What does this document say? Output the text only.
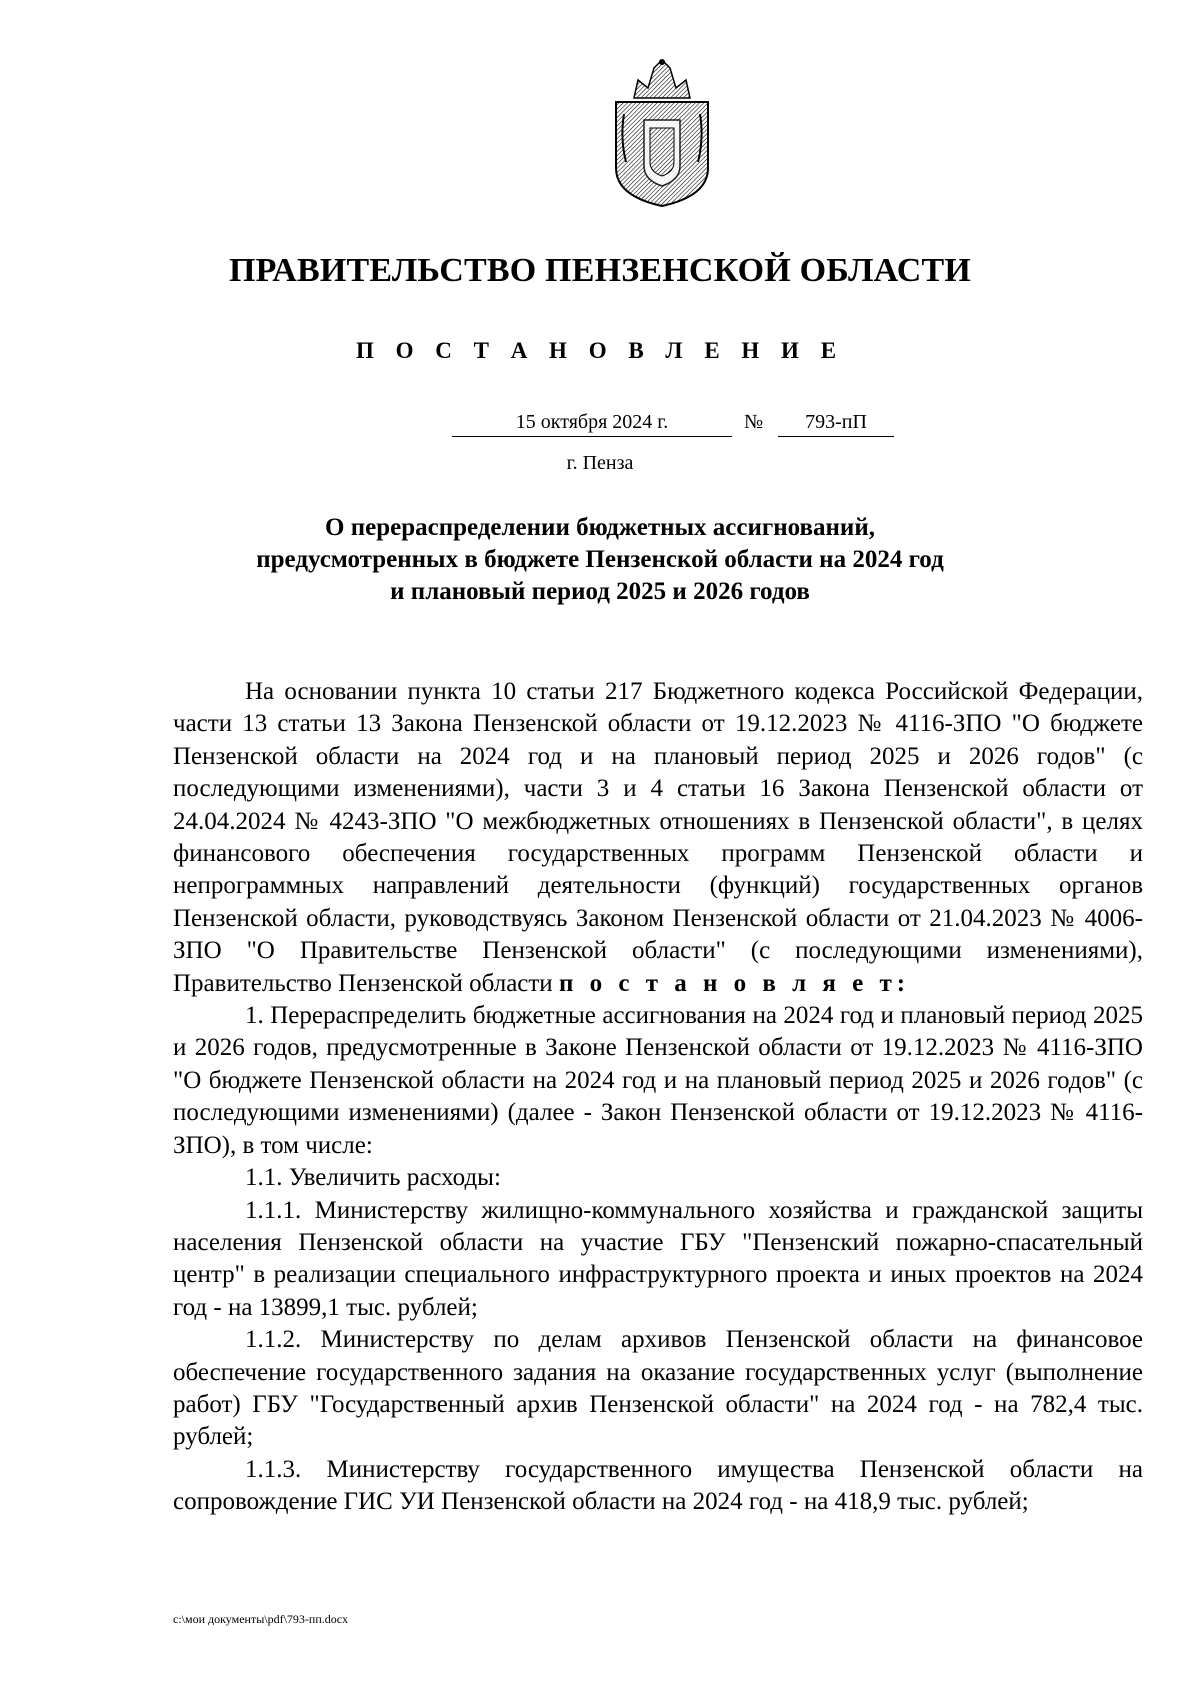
ПРАВИТЕЛЬСТВО ПЕНЗЕНСКОЙ ОБЛАСТИ
П О С Т А Н О В Л Е Н И Е
15 октября 2024 г.	№	793-пП
г. Пенза
О перераспределении бюджетных ассигнований,
предусмотренных в бюджете Пензенской области на 2024 год
и плановый период 2025 и 2026 годов

На основании пункта 10 статьи 217 Бюджетного кодекса Российской Федерации, части 13 статьи 13 Закона Пензенской области от 19.12.2023 № 4116-ЗПО "О бюджете Пензенской области на 2024 год и на плановый период 2025 и 2026 годов" (с последующими изменениями), части 3 и 4 статьи 16 Закона Пензенской области от 24.04.2024 № 4243-ЗПО "О межбюджетных отношениях в Пензенской области", в целях финансового обеспечения государственных программ Пензенской области и непрограммных направлений деятельности (функций) государственных органов Пензенской области, руководствуясь Законом Пензенской области от 21.04.2023 № 4006-ЗПО "О Правительстве Пензенской области" (с последующими изменениями), Правительство Пензенской области п о с т а н о в л я е т:

1. Перераспределить бюджетные ассигнования на 2024 год и плановый период 2025 и 2026 годов, предусмотренные в Законе Пензенской области от 19.12.2023 № 4116-ЗПО "О бюджете Пензенской области на 2024 год и на плановый период 2025 и 2026 годов" (с последующими изменениями) (далее - Закон Пензенской области от 19.12.2023 № 4116-ЗПО), в том числе:

1.1. Увеличить расходы:

1.1.1. Министерству жилищно-коммунального хозяйства и гражданской защиты населения Пензенской области на участие ГБУ "Пензенский пожарно-спасательный центр" в реализации специального инфраструктурного проекта и иных проектов на 2024 год - на 13899,1 тыс. рублей;

1.1.2. Министерству по делам архивов Пензенской области на финансовое обеспечение государственного задания на оказание государственных услуг (выполнение работ) ГБУ "Государственный архив Пензенской области" на 2024 год - на 782,4 тыс. рублей;

1.1.3. Министерству государственного имущества Пензенской области на сопровождение ГИС УИ Пензенской области на 2024 год - на 418,9 тыс. рублей;

c:\мои документы\pdf\793-пп.docx
